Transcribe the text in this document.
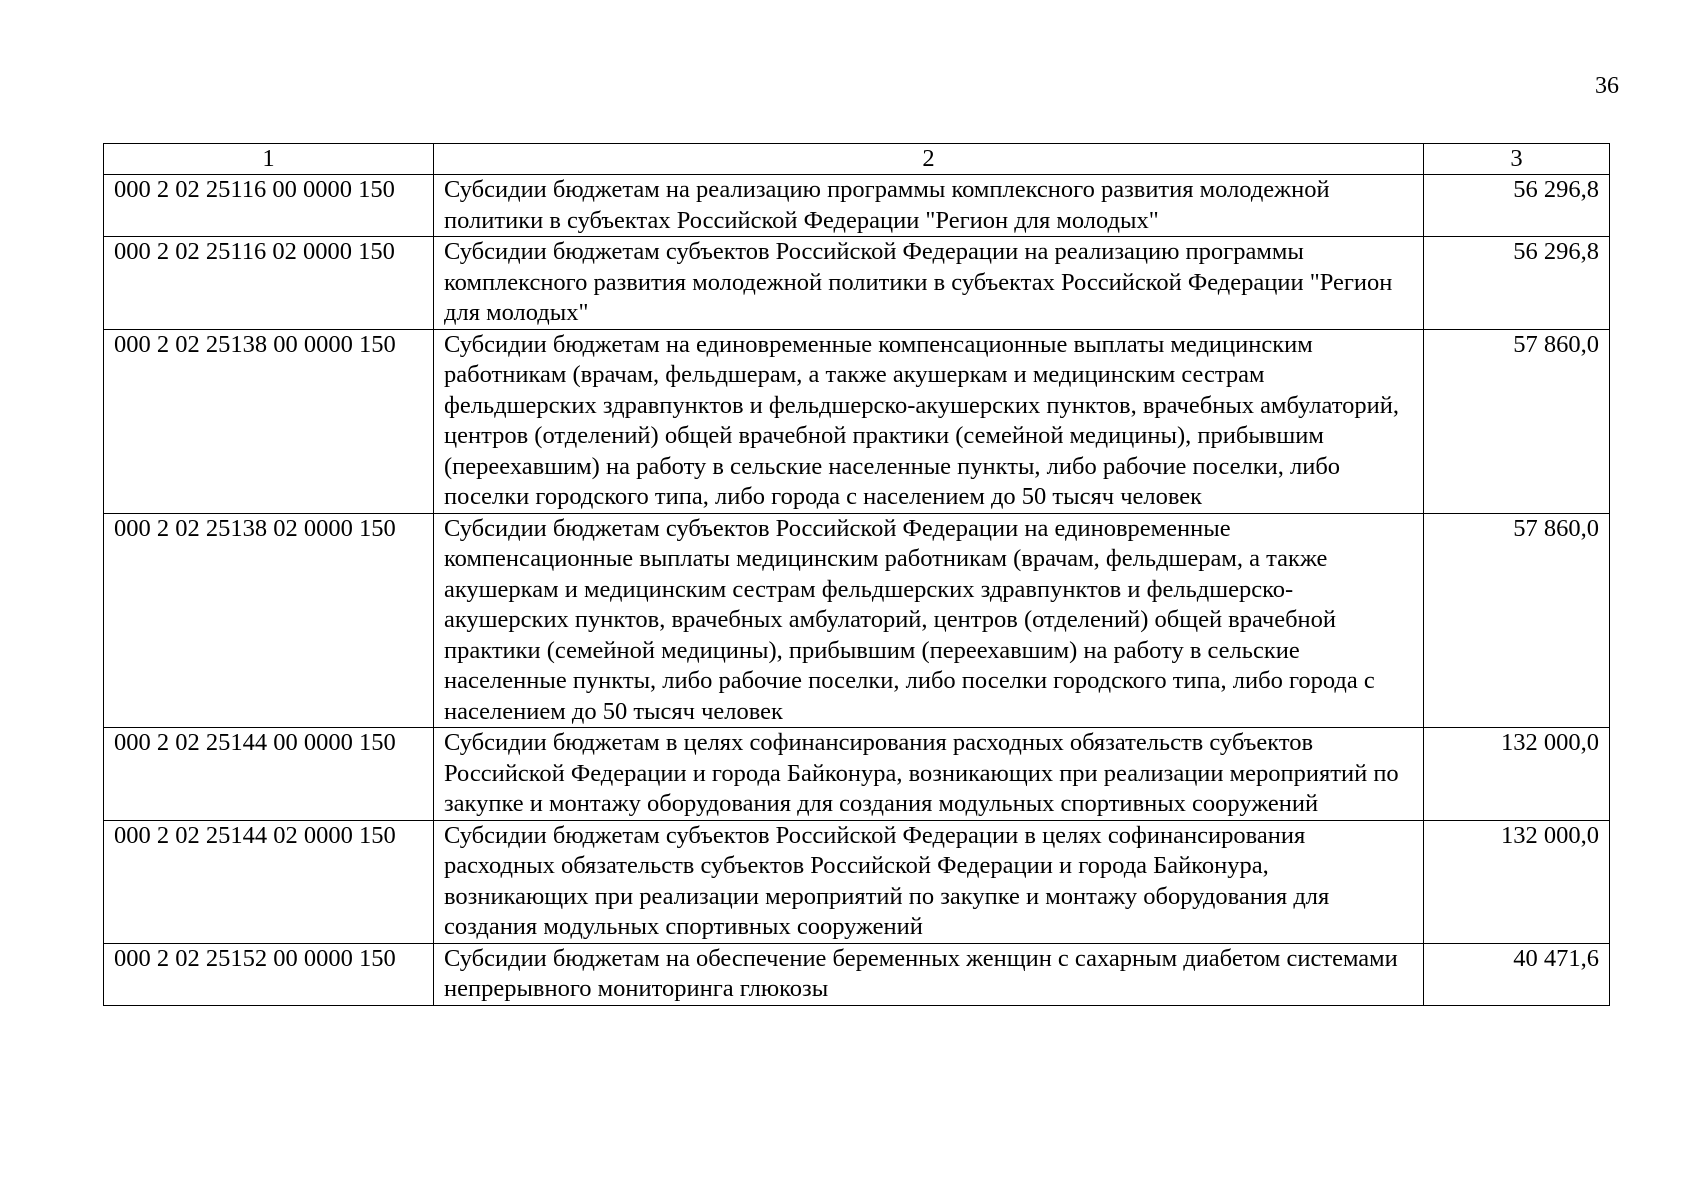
36
1	2	3
000 2 02 25116 00 0000 150	Субсидии бюджетам на реализацию программы комплексного развития молодежной политики в субъектах Российской Федерации "Регион для молодых"	56 296,8
000 2 02 25116 02 0000 150	Субсидии бюджетам субъектов Российской Федерации на реализацию программы комплексного развития молодежной политики в субъектах Российской Федерации "Регион для молодых"	56 296,8
000 2 02 25138 00 0000 150	Субсидии бюджетам на единовременные компенсационные выплаты медицинским работникам (врачам, фельдшерам, а также акушеркам и медицинским сестрам фельдшерских здравпунктов и фельдшерско-акушерских пунктов, врачебных амбулаторий, центров (отделений) общей врачебной практики (семейной медицины), прибывшим (переехавшим) на работу в сельские населенные пункты, либо рабочие поселки, либо поселки городского типа, либо города с населением до 50 тысяч человек	57 860,0
000 2 02 25138 02 0000 150	Субсидии бюджетам субъектов Российской Федерации на единовременные компенсационные выплаты медицинским работникам (врачам, фельдшерам, а также акушеркам и медицинским сестрам фельдшерских здравпунктов и фельдшерско-акушерских пунктов, врачебных амбулаторий, центров (отделений) общей врачебной практики (семейной медицины), прибывшим (переехавшим) на работу в сельские населенные пункты, либо рабочие поселки, либо поселки городского типа, либо города с населением до 50 тысяч человек	57 860,0
000 2 02 25144 00 0000 150	Субсидии бюджетам в целях софинансирования расходных обязательств субъектов Российской Федерации и города Байконура, возникающих при реализации мероприятий по закупке и монтажу оборудования для создания модульных спортивных сооружений	132 000,0
000 2 02 25144 02 0000 150	Субсидии бюджетам субъектов Российской Федерации в целях софинансирования расходных обязательств субъектов Российской Федерации и города Байконура, возникающих при реализации мероприятий по закупке и монтажу оборудования для создания модульных спортивных сооружений	132 000,0
000 2 02 25152 00 0000 150	Субсидии бюджетам на обеспечение беременных женщин с сахарным диабетом системами непрерывного мониторинга глюкозы	40 471,6
